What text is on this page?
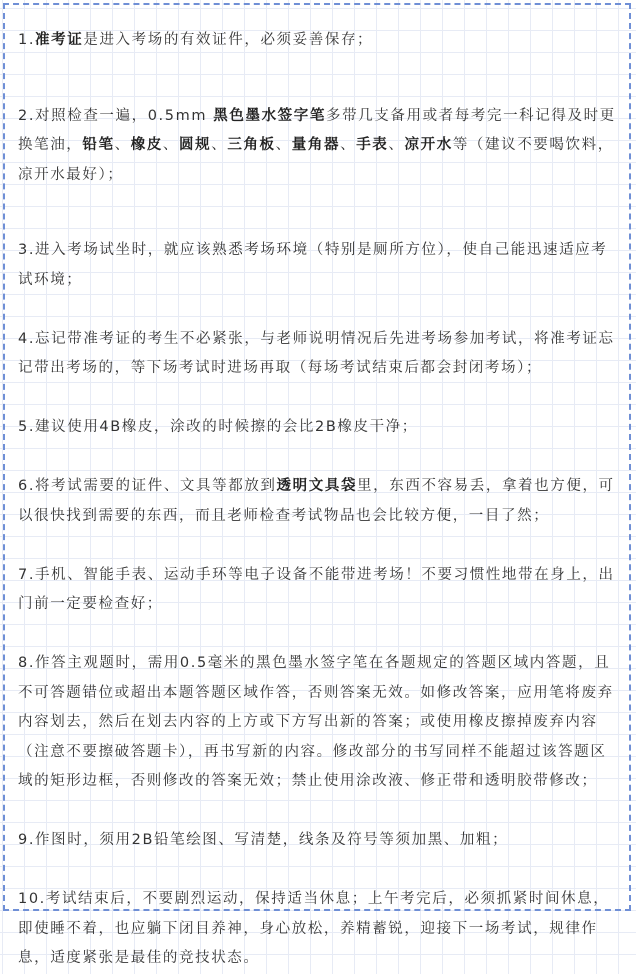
1.准考证是进入考场的有效证件，必须妥善保存；

2.对照检查一遍，0.5mm 黑色墨水签字笔多带几支备用或者每考完一科记得及时更换笔油，铅笔、橡皮、圆规、三角板、量角器、手表、凉开水等（建议不要喝饮料，凉开水最好）；

3.进入考场试坐时，就应该熟悉考场环境（特别是厕所方位），使自己能迅速适应考试环境；

4.忘记带准考证的考生不必紧张，与老师说明情况后先进考场参加考试，将准考证忘记带出考场的，等下场考试时进场再取（每场考试结束后都会封闭考场）；

5.建议使用4B橡皮，涂改的时候擦的会比2B橡皮干净；

6.将考试需要的证件、文具等都放到透明文具袋里，东西不容易丢，拿着也方便，可以很快找到需要的东西，而且老师检查考试物品也会比较方便，一目了然；

7.手机、智能手表、运动手环等电子设备不能带进考场！不要习惯性地带在身上，出门前一定要检查好；

8.作答主观题时，需用0.5毫米的黑色墨水签字笔在各题规定的答题区域内答题，且不可答题错位或超出本题答题区域作答，否则答案无效。如修改答案，应用笔将废弃内容划去，然后在划去内容的上方或下方写出新的答案；或使用橡皮擦掉废弃内容（注意不要擦破答题卡），再书写新的内容。修改部分的书写同样不能超过该答题区域的矩形边框，否则修改的答案无效；禁止使用涂改液、修正带和透明胶带修改；

9.作图时，须用2B铅笔绘图、写清楚，线条及符号等须加黑、加粗；

10.考试结束后，不要剧烈运动，保持适当休息；上午考完后，必须抓紧时间休息，即使睡不着，也应躺下闭目养神，身心放松，养精蓄锐，迎接下一场考试，规律作息，适度紧张是最佳的竞技状态。
